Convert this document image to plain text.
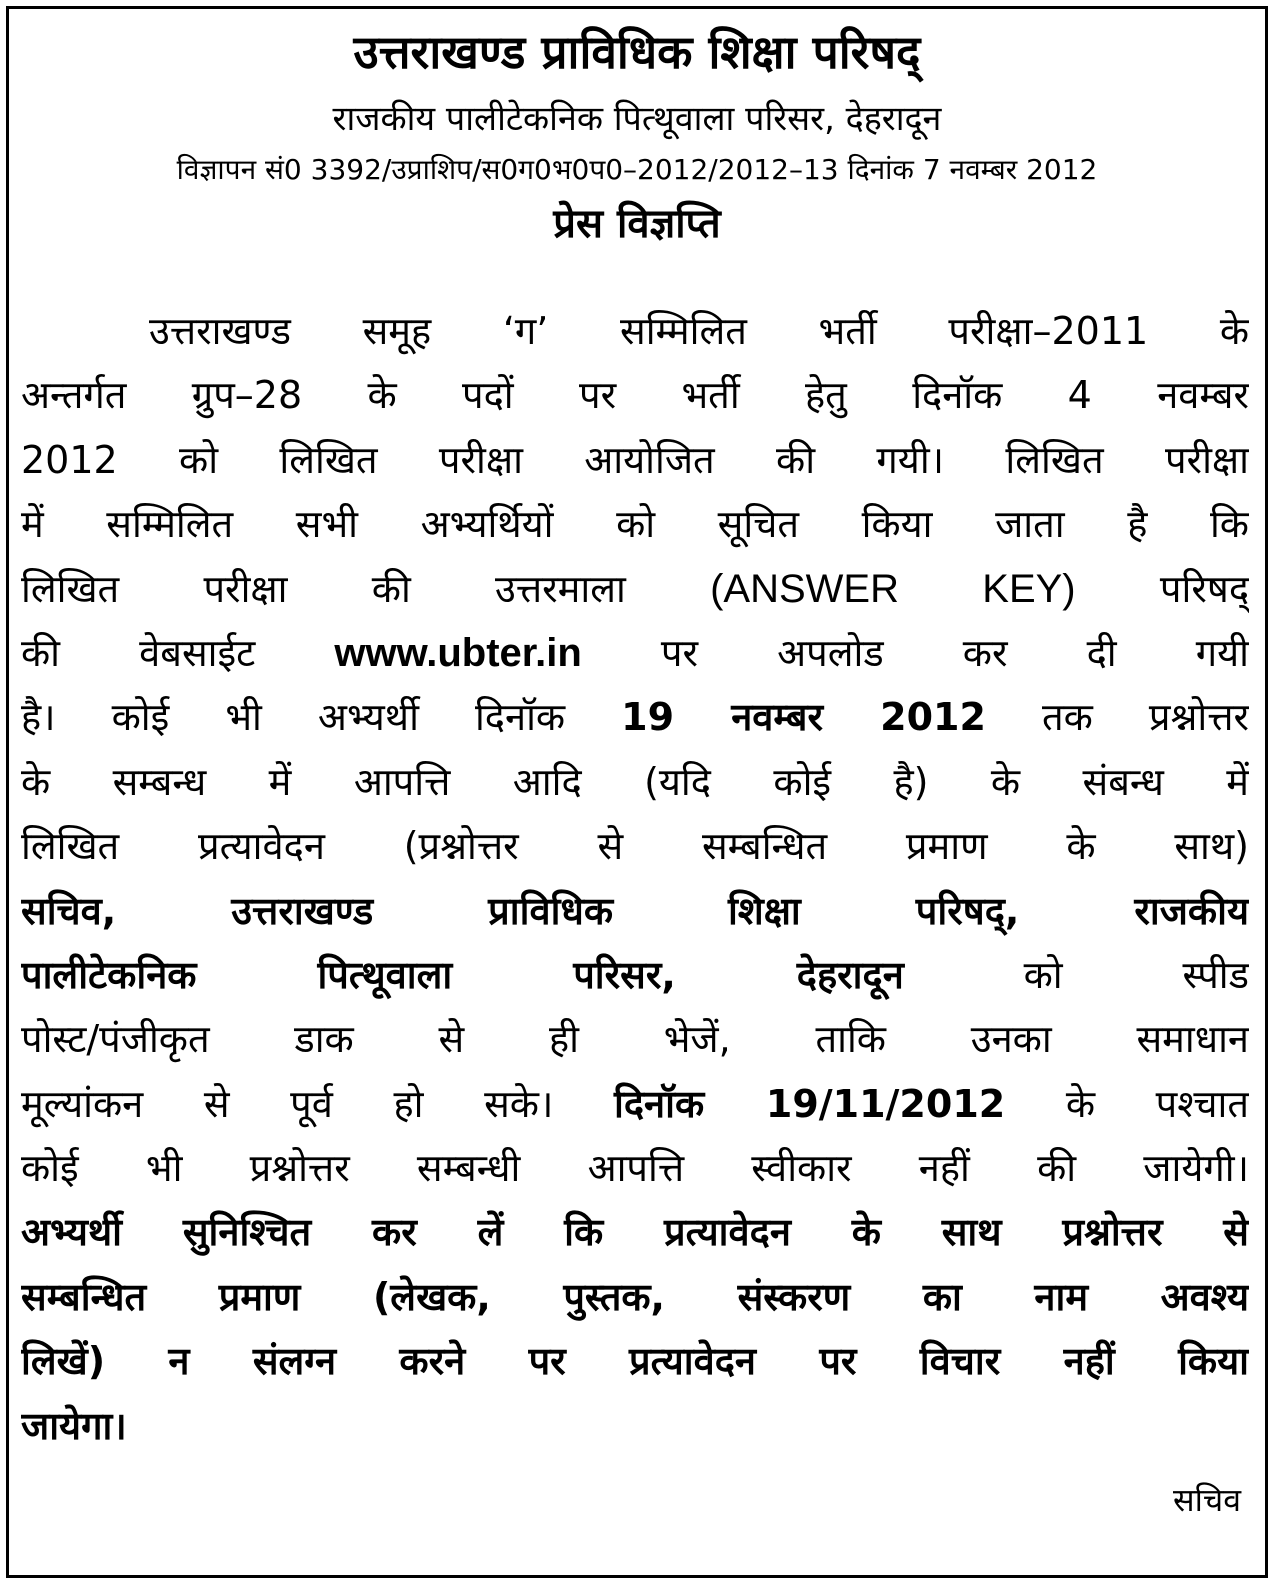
उत्तराखण्ड प्राविधिक शिक्षा परिषद्
राजकीय पालीटेकनिक पित्थूवाला परिसर, देहरादून
विज्ञापन सं0 3392/उप्राशिप/स0ग0भ0प0–2012/2012–13 दिनांक 7 नवम्बर 2012
प्रेस विज्ञप्ति
उत्तराखण्ड समूह ‘ग’ सम्मिलित भर्ती परीक्षा–2011 के
अन्तर्गत ग्रुप–28 के पदों पर भर्ती हेतु दिनॉक 4 नवम्बर
2012 को लिखित परीक्षा आयोजित की गयी। लिखित परीक्षा
में सम्मिलित सभी अभ्यर्थियों को सूचित किया जाता है कि
लिखित परीक्षा की उत्तरमाला (ANSWER KEY) परिषद्
की वेबसाईट www.ubter.in पर अपलोड कर दी गयी
है। कोई भी अभ्यर्थी दिनॉक 19 नवम्बर 2012 तक प्रश्नोत्तर
के सम्बन्ध में आपत्ति आदि (यदि कोई है) के संबन्ध में
लिखित प्रत्यावेदन (प्रश्नोत्तर से सम्बन्धित प्रमाण के साथ)
सचिव, उत्तराखण्ड प्राविधिक शिक्षा परिषद्, राजकीय
पालीटेकनिक पित्थूवाला परिसर, देहरादून को स्पीड
पोस्ट/पंजीकृत डाक से ही भेजें, ताकि उनका समाधान
मूल्यांकन से पूर्व हो सके। दिनॉक 19/11/2012 के पश्चात
कोई भी प्रश्नोत्तर सम्बन्धी आपत्ति स्वीकार नहीं की जायेगी।
अभ्यर्थी सुनिश्चित कर लें कि प्रत्यावेदन के साथ प्रश्नोत्तर से
सम्बन्धित प्रमाण (लेखक, पुस्तक, संस्करण का नाम अवश्य
लिखें) न संलग्न करने पर प्रत्यावेदन पर विचार नहीं किया
जायेगा।
सचिव
